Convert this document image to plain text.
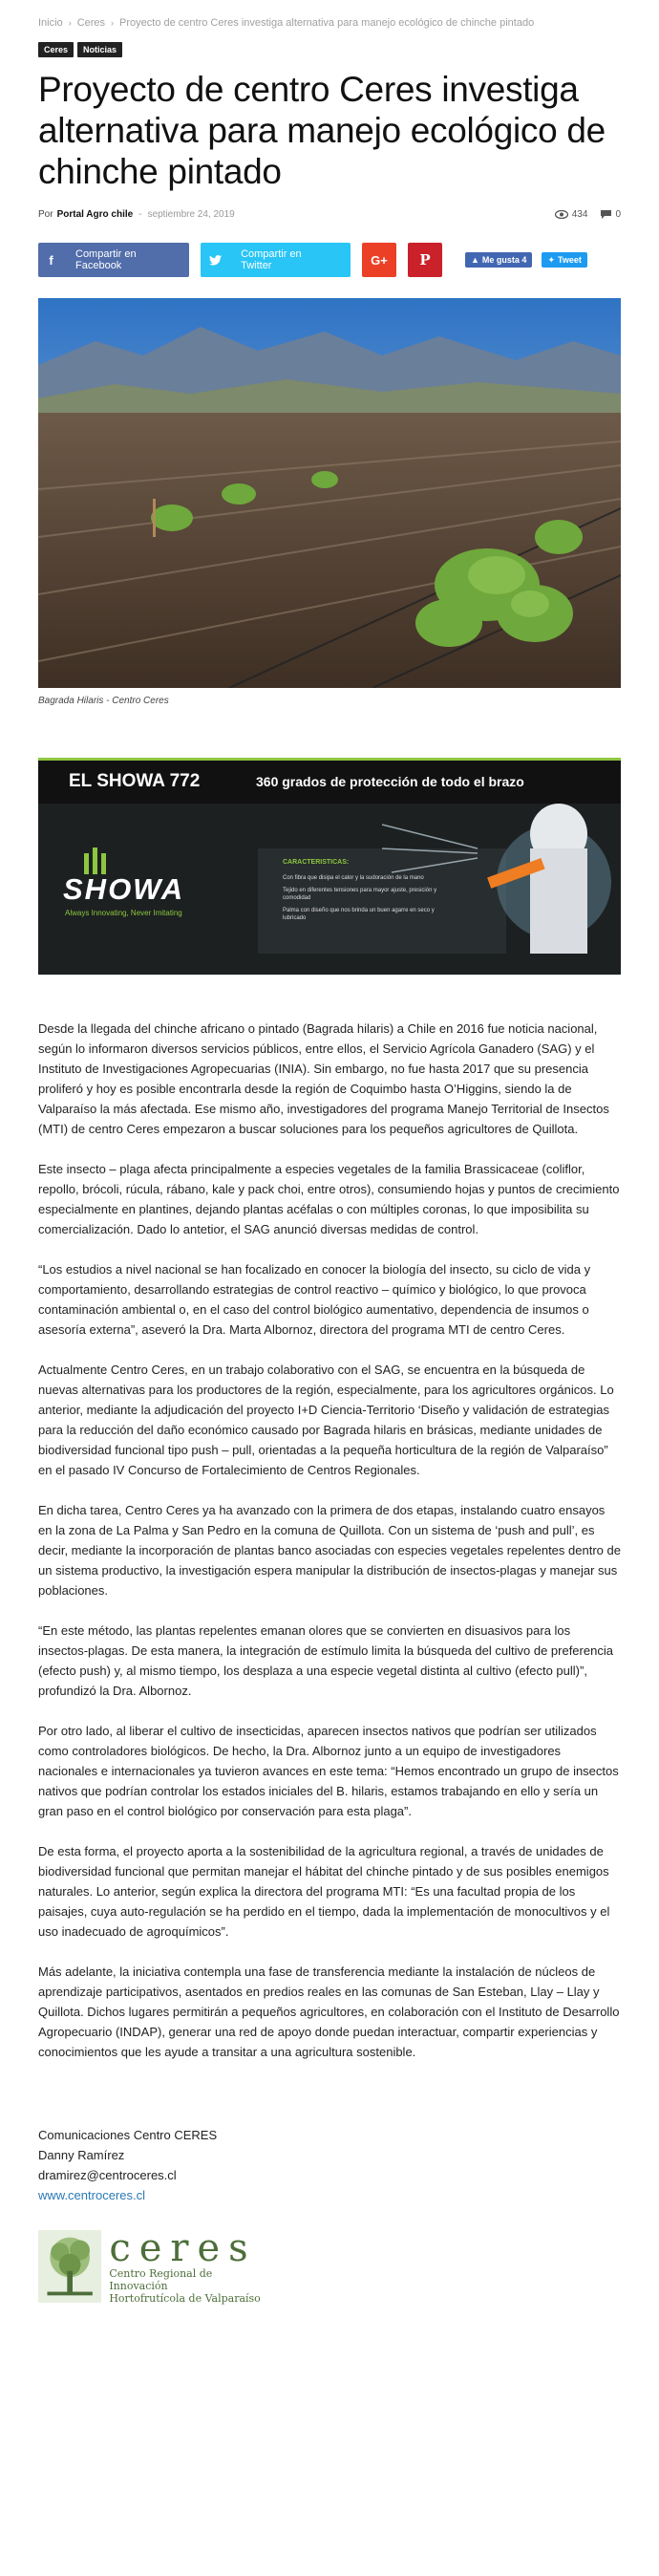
Inicio › Ceres › Proyecto de centro Ceres investiga alternativa para manejo ecológico de chinche pintado
Ceres	Noticias
Proyecto de centro Ceres investiga alternativa para manejo ecológico de chinche pintado
Por Portal Agro chile - septiembre 24, 2019	434	0
f	Compartir en Facebook
Compartir en Twitter	G+ P	▲ Me gusta 4 ✦ Tweet
Bagrada Hilaris - Centro Ceres
EL SHOWA 772	360 grados de protección de todo el brazo
SHOWA
Always Innovating, Never Imitating
CARACTERISTICAS:
Con fibra que disipa el calor y la sudoración de la mano
Tejido en diferentes tensiones para mayor ajuste, presición y comodidad
Palma con diseño que nos brinda un buen agarre en seco y lubricado

Desde la llegada del chinche africano o pintado (Bagrada hilaris) a Chile en 2016 fue noticia nacional, según lo informaron diversos servicios públicos, entre ellos, el Servicio Agrícola Ganadero (SAG) y el Instituto de Investigaciones Agropecuarias (INIA). Sin embargo, no fue hasta 2017 que su presencia proliferó y hoy es posible encontrarla desde la región de Coquimbo hasta O’Higgins, siendo la de Valparaíso la más afectada. Ese mismo año, investigadores del programa Manejo Territorial de Insectos (MTI) de centro Ceres empezaron a buscar soluciones para los pequeños agricultores de Quillota.

Este insecto – plaga afecta principalmente a especies vegetales de la familia Brassicaceae (coliflor, repollo, brócoli, rúcula, rábano, kale y pack choi, entre otros), consumiendo hojas y puntos de crecimiento especialmente en plantines, dejando plantas acéfalas o con múltiples coronas, lo que imposibilita su comercialización. Dado lo antetior, el SAG anunció diversas medidas de control.

“Los estudios a nivel nacional se han focalizado en conocer la biología del insecto, su ciclo de vida y comportamiento, desarrollando estrategias de control reactivo – químico y biológico, lo que provoca contaminación ambiental o, en el caso del control biológico aumentativo, dependencia de insumos o asesoría externa”, aseveró la Dra. Marta Albornoz, directora del programa MTI de centro Ceres.

Actualmente Centro Ceres, en un trabajo colaborativo con el SAG, se encuentra en la búsqueda de nuevas alternativas para los productores de la región, especialmente, para los agricultores orgánicos. Lo anterior, mediante la adjudicación del proyecto I+D Ciencia-Territorio ‘Diseño y validación de estrategias para la reducción del daño económico causado por Bagrada hilaris en brásicas, mediante unidades de biodiversidad funcional tipo push – pull, orientadas a la pequeña horticultura de la región de Valparaíso” en el pasado IV Concurso de Fortalecimiento de Centros Regionales.

En dicha tarea, Centro Ceres ya ha avanzado con la primera de dos etapas, instalando cuatro ensayos en la zona de La Palma y San Pedro en la comuna de Quillota. Con un sistema de ‘push and pull’, es decir, mediante la incorporación de plantas banco asociadas con especies vegetales repelentes dentro de un sistema productivo, la investigación espera manipular la distribución de insectos-plagas y manejar sus poblaciones.

“En este método, las plantas repelentes emanan olores que se convierten en disuasivos para los insectos-plagas. De esta manera, la integración de estímulo limita la búsqueda del cultivo de preferencia (efecto push) y, al mismo tiempo, los desplaza a una especie vegetal distinta al cultivo (efecto pull)”, profundizó la Dra. Albornoz.

Por otro lado, al liberar el cultivo de insecticidas, aparecen insectos nativos que podrían ser utilizados como controladores biológicos. De hecho, la Dra. Albornoz junto a un equipo de investigadores nacionales e internacionales ya tuvieron avances en este tema: “Hemos encontrado un grupo de insectos nativos que podrían controlar los estados iniciales del B. hilaris, estamos trabajando en ello y sería un gran paso en el control biológico por conservación para esta plaga”.

De esta forma, el proyecto aporta a la sostenibilidad de la agricultura regional, a través de unidades de biodiversidad funcional que permitan manejar el hábitat del chinche pintado y de sus posibles enemigos naturales. Lo anterior, según explica la directora del programa MTI: “Es una facultad propia de los paisajes, cuya auto-regulación se ha perdido en el tiempo, dada la implementación de monocultivos y el uso inadecuado de agroquímicos”.

Más adelante, la iniciativa contempla una fase de transferencia mediante la instalación de núcleos de aprendizaje participativos, asentados en predios reales en las comunas de San Esteban, Llay – Llay y Quillota. Dichos lugares permitirán a pequeños agricultores, en colaboración con el Instituto de Desarrollo Agropecuario (INDAP), generar una red de apoyo donde puedan interactuar, compartir experiencias y conocimientos que les ayude a transitar a una agricultura sostenible.

Comunicaciones Centro CERES
Danny Ramírez
dramirez@centroceres.cl
www.centroceres.cl
ceres
Centro Regional de Innovación
Hortofrutícola de Valparaíso
